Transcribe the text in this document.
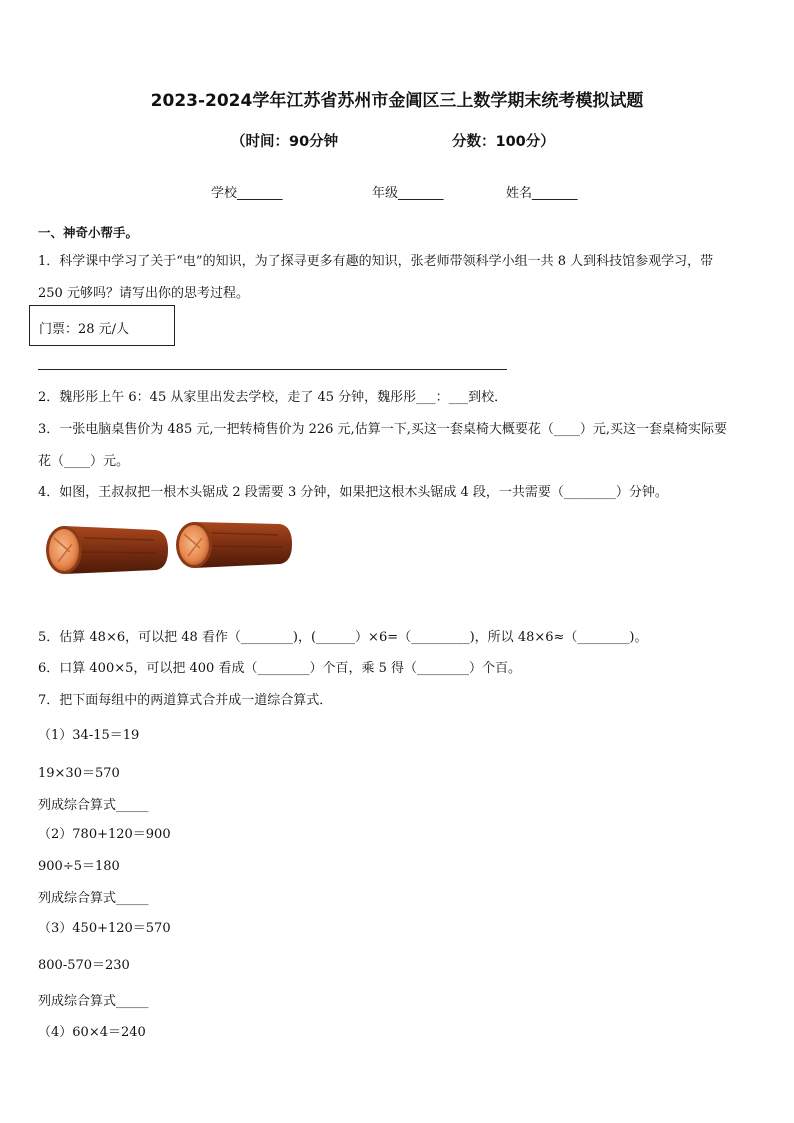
2023-2024学年江苏省苏州市金阊区三上数学期末统考模拟试题
（时间：90分钟	分数：100分）
学校_______	年级_______	姓名_______
一、神奇小帮手。
1．科学课中学习了关于“电”的知识，为了探寻更多有趣的知识，张老师带领科学小组一共 8 人到科技馆参观学习，带
250 元够吗？请写出你的思考过程。
门票：28 元/人
2．魏彤彤上午 6：45 从家里出发去学校，走了 45 分钟，魏彤彤___：___到校．
3．一张电脑桌售价为 485 元,一把转椅售价为 226 元,估算一下,买这一套桌椅大概要花（____）元,买这一套桌椅实际要
花（____）元。
4．如图，王叔叔把一根木头锯成 2 段需要 3 分钟，如果把这根木头锯成 4 段，一共需要（________）分钟。
5．估算 48×6，可以把 48 看作（________)，(______）×6=（_________)，所以 48×6≈（________)。
6．口算 400×5，可以把 400 看成（________）个百，乘 5 得（________）个百。
7．把下面每组中的两道算式合并成一道综合算式．
（1）34-15＝19
19×30＝570
列成综合算式_____
（2）780+120＝900
900÷5＝180
列成综合算式_____
（3）450+120＝570
800-570＝230
列成综合算式_____
（4）60×4＝240
